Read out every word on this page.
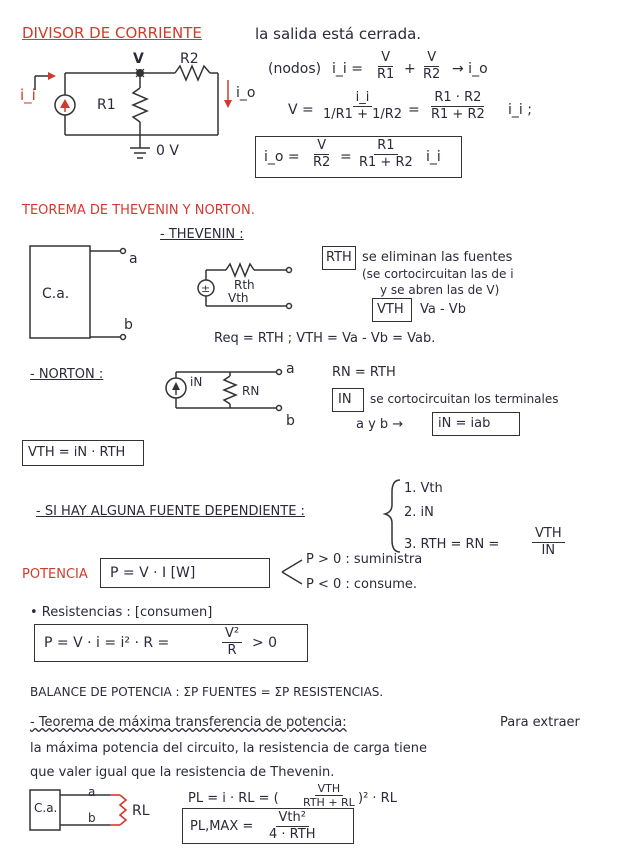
DIVISOR DE CORRIENTE	la salida está cerrada.
i_i
V
R1
R2
i_o
0 V
(nodos) i_i = $\frac{V}{R1} + \frac{V}{R2}$ → i_o
$V = \frac{i\_i}{1/R1 + 1/R2} = \frac{R1 \cdot R2}{R1 + R2}$ i_i ;
i_o = $\frac{V}{R2} = \frac{R1}{R1 + R2}$ i_i
TEOREMA DE THEVENIN Y NORTON.
- THEVENIN :
±
C.a.
a
b
Rth
Vth
RTH se eliminan las fuentes
(se cortocircuitan las de i
y se abren las de V)
VTH Va - Vb
Req = RTH ; VTH = Va - Vb = Vab.
- NORTON :	iN
RN
a
b
RN = RTH
IN se cortocircuitan los terminales
a y b →	iN = iab
VTH = iN · RTH
- SI HAY ALGUNA FUENTE DEPENDIENTE :
1. Vth
2. iN
3. RTH = RN =
VTH
IN
POTENCIA P = V · I [W]
P > 0 : suministra
P < 0 : consume.
• Resistencias : [consumen]
P = V · i = i² · R =	$\frac{\text{V²}}{R} > 0$
BALANCE DE POTENCIA : ΣP FUENTES = ΣP RESISTENCIAS.
- Teorema de máxima transferencia de potencia:	Para extraer
la máxima potencia del circuito, la resistencia de carga tiene
que valer igual que la resistencia de Thevenin.
C.a.
a
b	RL
PL = i · RL = (
VTH
RTH + RL )² · RL
PL,MAX =
Vth²
4 · RTH
